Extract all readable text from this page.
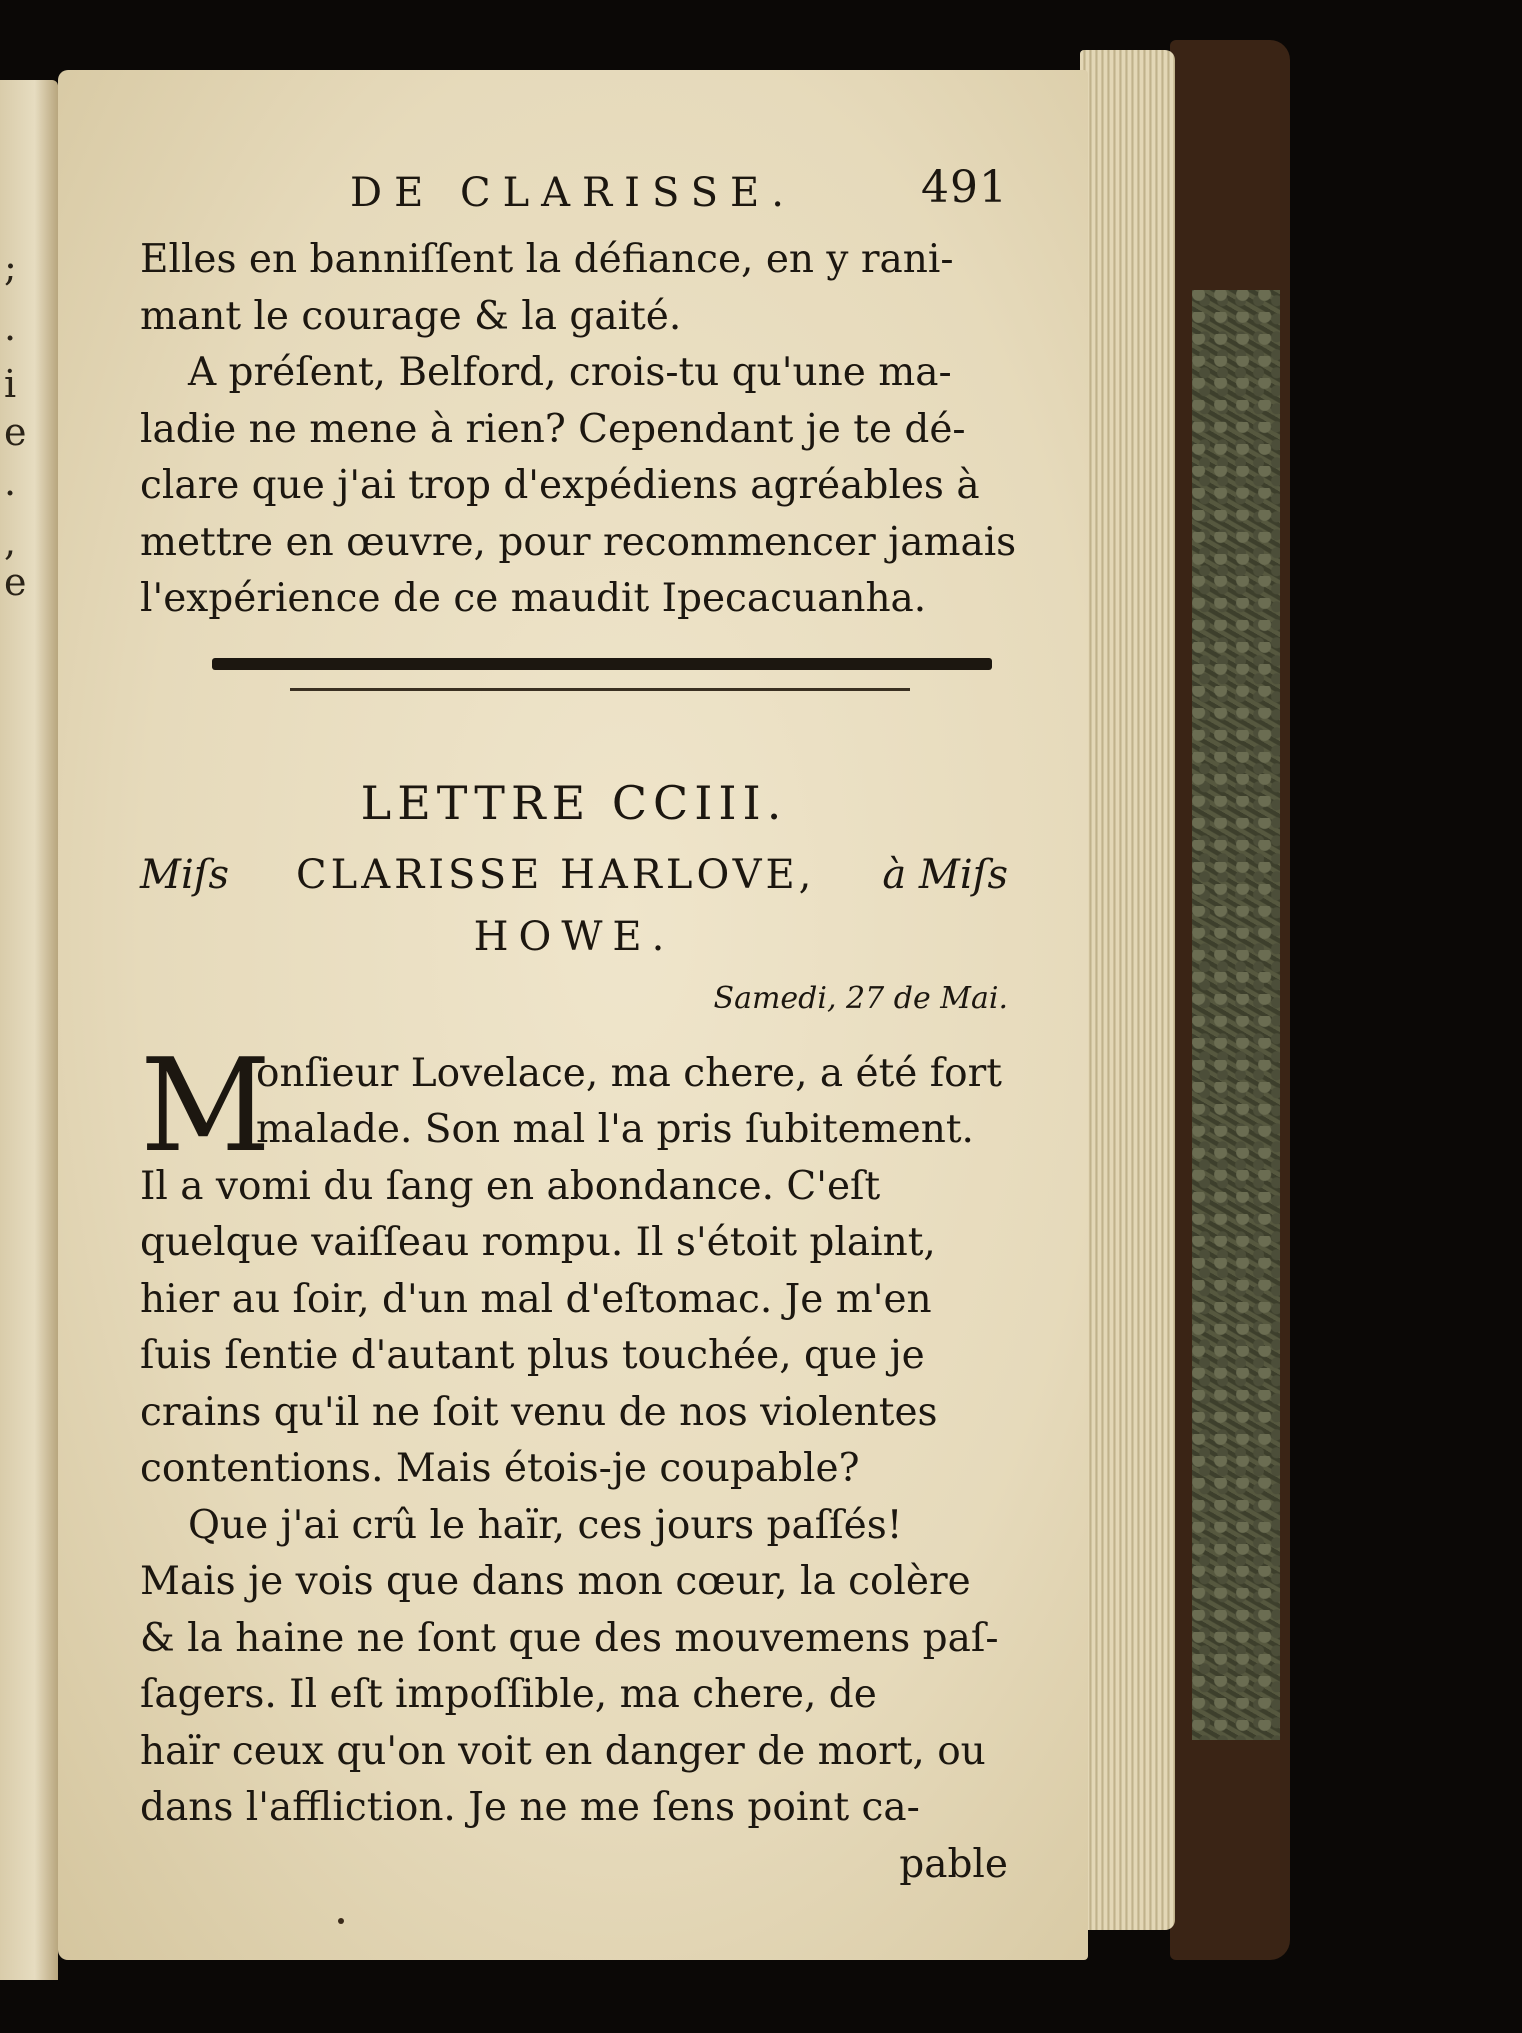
;
.
i
e
.
,
e
DE CLARISSE.	491
Elles en banniſſent la défiance, en y rani-
mant le courage & la gaité.
A préſent, Belford, crois-tu qu'une ma-
ladie ne mene à rien? Cependant je te dé-
clare que j'ai trop d'expédiens agréables à
mettre en œuvre, pour recommencer jamais
l'expérience de ce maudit Ipecacuanha.
LETTRE CCIII.
Miſs CLARISSE HARLOVE, à Miſs
HOWE.
Samedi, 27 de Mai.
M
onſieur Lovelace, ma chere, a été fort
malade. Son mal l'a pris ſubitement.
Il a vomi du ſang en abondance. C'eſt
quelque vaiſſeau rompu. Il s'étoit plaint,
hier au ſoir, d'un mal d'eſtomac. Je m'en
ſuis ſentie d'autant plus touchée, que je
crains qu'il ne ſoit venu de nos violentes
contentions. Mais étois-je coupable?
Que j'ai crû le haïr, ces jours paſſés!
Mais je vois que dans mon cœur, la colère
& la haine ne ſont que des mouvemens paſ-
ſagers. Il eſt impoſſible, ma chere, de
haïr ceux qu'on voit en danger de mort, ou
dans l'affliction. Je ne me ſens point ca-
pable
